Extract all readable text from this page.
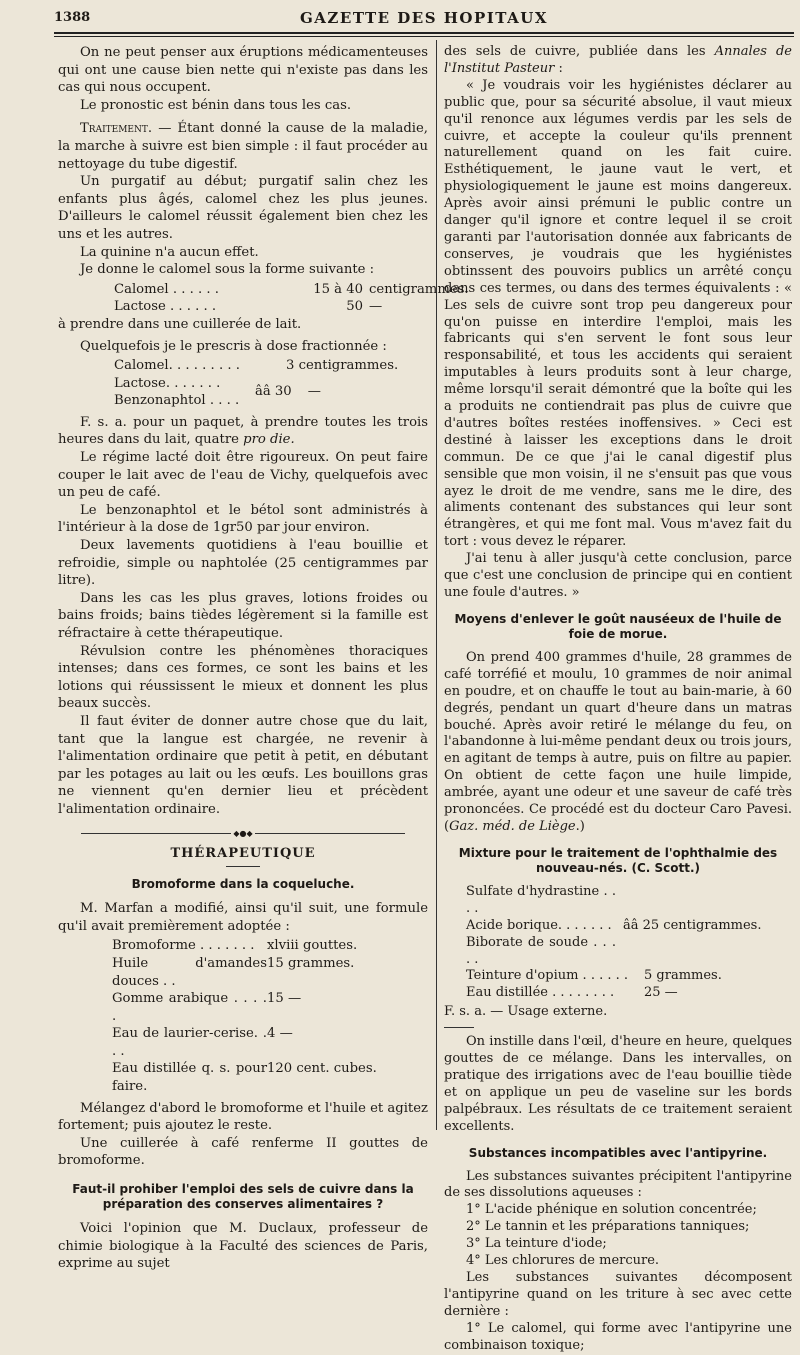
1388	GAZETTE DES HOPITAUX

On ne peut penser aux éruptions médicamenteuses qui ont une cause bien nette qui n'existe pas dans les cas qui nous occupent.

Le pronostic est bénin dans tous les cas.

Traitement. — Étant donné la cause de la maladie, la marche à suivre est bien simple : il faut procéder au nettoyage du tube digestif.

Un purgatif au début; purgatif salin chez les enfants plus âgés, calomel chez les plus jeunes. D'ailleurs le calomel réussit également bien chez les uns et les autres.

La quinine n'a aucun effet.

Je donne le calomel sous la forme suivante :

Calomel . . . . . .	15 à 40 centigrammes.
Lactose . . . . . .	50 —

à prendre dans une cuillerée de lait.

Quelquefois je le prescris à dose fractionnée :

Calomel. . . . . . . . .	3 centigrammes.
Lactose. . . . . . .
Benzonaphtol . . . .
ââ 30	—

F. s. a. pour un paquet, à prendre toutes les trois heures dans du lait, quatre pro die.

Le régime lacté doit être rigoureux. On peut faire couper le lait avec de l'eau de Vichy, quelquefois avec un peu de café.

Le benzonaphtol et le bétol sont administrés à l'intérieur à la dose de 1gr50 par jour environ.

Deux lavements quotidiens à l'eau bouillie et refroidie, simple ou naphtolée (25 centigrammes par litre).

Dans les cas les plus graves, lotions froides ou bains froids; bains tièdes légèrement si la famille est réfractaire à cette thérapeutique.

Révulsion contre les phénomènes thoraciques intenses; dans ces formes, ce sont les bains et les lotions qui réussissent le mieux et donnent les plus beaux succès.

Il faut éviter de donner autre chose que du lait, tant que la langue est chargée, ne revenir à l'alimentation ordinaire que petit à petit, en débutant par les potages au lait ou les œufs. Les bouillons gras ne viennent qu'en dernier lieu et précèdent l'alimentation ordinaire.

◆●◆
THÉRAPEUTIQUE
Bromoforme dans la coqueluche.

M. Marfan a modifié, ainsi qu'il suit, une formule qu'il avait premièrement adoptée :

Bromoforme . . . . . . . xlviii gouttes.
Huile d'amandes douces . .
15 grammes.
Gomme arabique . . . . .
15 —
Eau de laurier-cerise. . . .
4 —
Eau distillée q. s. pour faire.
120 cent. cubes.

Mélangez d'abord le bromoforme et l'huile et agitez fortement; puis ajoutez le reste.

Une cuillerée à café renferme II gouttes de bromoforme.

Faut-il prohiber l'emploi des sels de cuivre dans la préparation des conserves alimentaires ?

Voici l'opinion que M. Duclaux, professeur de chimie biologique à la Faculté des sciences de Paris, exprime au sujet

des sels de cuivre, publiée dans les Annales de l'Institut Pasteur :

« Je voudrais voir les hygiénistes déclarer au public que, pour sa sécurité absolue, il vaut mieux qu'il renonce aux légumes verdis par les sels de cuivre, et accepte la couleur qu'ils prennent naturellement quand on les fait cuire. Esthétiquement, le jaune vaut le vert, et physiologiquement le jaune est moins dangereux. Après avoir ainsi prémuni le public contre un danger qu'il ignore et contre lequel il se croit garanti par l'autorisation donnée aux fabricants de conserves, je voudrais que les hygiénistes obtinssent des pouvoirs publics un arrêté conçu dans ces termes, ou dans des termes équivalents : « Les sels de cuivre sont trop peu dangereux pour qu'on puisse en interdire l'emploi, mais les fabricants qui s'en servent le font sous leur responsabilité, et tous les accidents qui seraient imputables à leurs produits sont à leur charge, même lorsqu'il serait démontré que la boîte qui les a produits ne contiendrait pas plus de cuivre que d'autres boîtes restées inoffensives. » Ceci est destiné à laisser les exceptions dans le droit commun. De ce que j'ai le canal digestif plus sensible que mon voisin, il ne s'ensuit pas que vous ayez le droit de me vendre, sans me le dire, des aliments contenant des substances qui leur sont étrangères, et qui me font mal. Vous m'avez fait du tort : vous devez le réparer.

J'ai tenu à aller jusqu'à cette conclusion, parce que c'est une conclusion de principe qui en contient une foule d'autres. »

Moyens d'enlever le goût nauséeux de l'huile de foie de morue.

On prend 400 grammes d'huile, 28 grammes de café torréfié et moulu, 10 grammes de noir animal en poudre, et on chauffe le tout au bain-marie, à 60 degrés, pendant un quart d'heure dans un matras bouché. Après avoir retiré le mélange du feu, on l'abandonne à lui-même pendant deux ou trois jours, en agitant de temps à autre, puis on filtre au papier. On obtient de cette façon une huile limpide, ambrée, ayant une odeur et une saveur de café très prononcées. Ce procédé est du docteur Caro Pavesi. (Gaz. méd. de Liège.)

Mixture pour le traitement de l'ophthalmie des nouveau-nés. (C. Scott.)
Sulfate d'hydrastine . . . .
Acide borique. . . . . . .
Biborate de soude . . . . .
ââ 25 centigrammes.
Teinture d'opium . . . . . .	5 grammes.
Eau distillée . . . . . . . .	25 —

F. s. a. — Usage externe.

On instille dans l'œil, d'heure en heure, quelques gouttes de ce mélange. Dans les intervalles, on pratique des irrigations avec de l'eau bouillie tiède et on applique un peu de vaseline sur les bords palpébraux. Les résultats de ce traitement seraient excellents.

Substances incompatibles avec l'antipyrine.

Les substances suivantes précipitent l'antipyrine de ses dissolutions aqueuses :

1° L'acide phénique en solution concentrée;

2° Le tannin et les préparations tanniques;

3° La teinture d'iode;

4° Les chlorures de mercure.

Les substances suivantes décomposent l'antipyrine quand on les triture à sec avec cette dernière :

1° Le calomel, qui forme avec l'antipyrine une combinaison toxique;
